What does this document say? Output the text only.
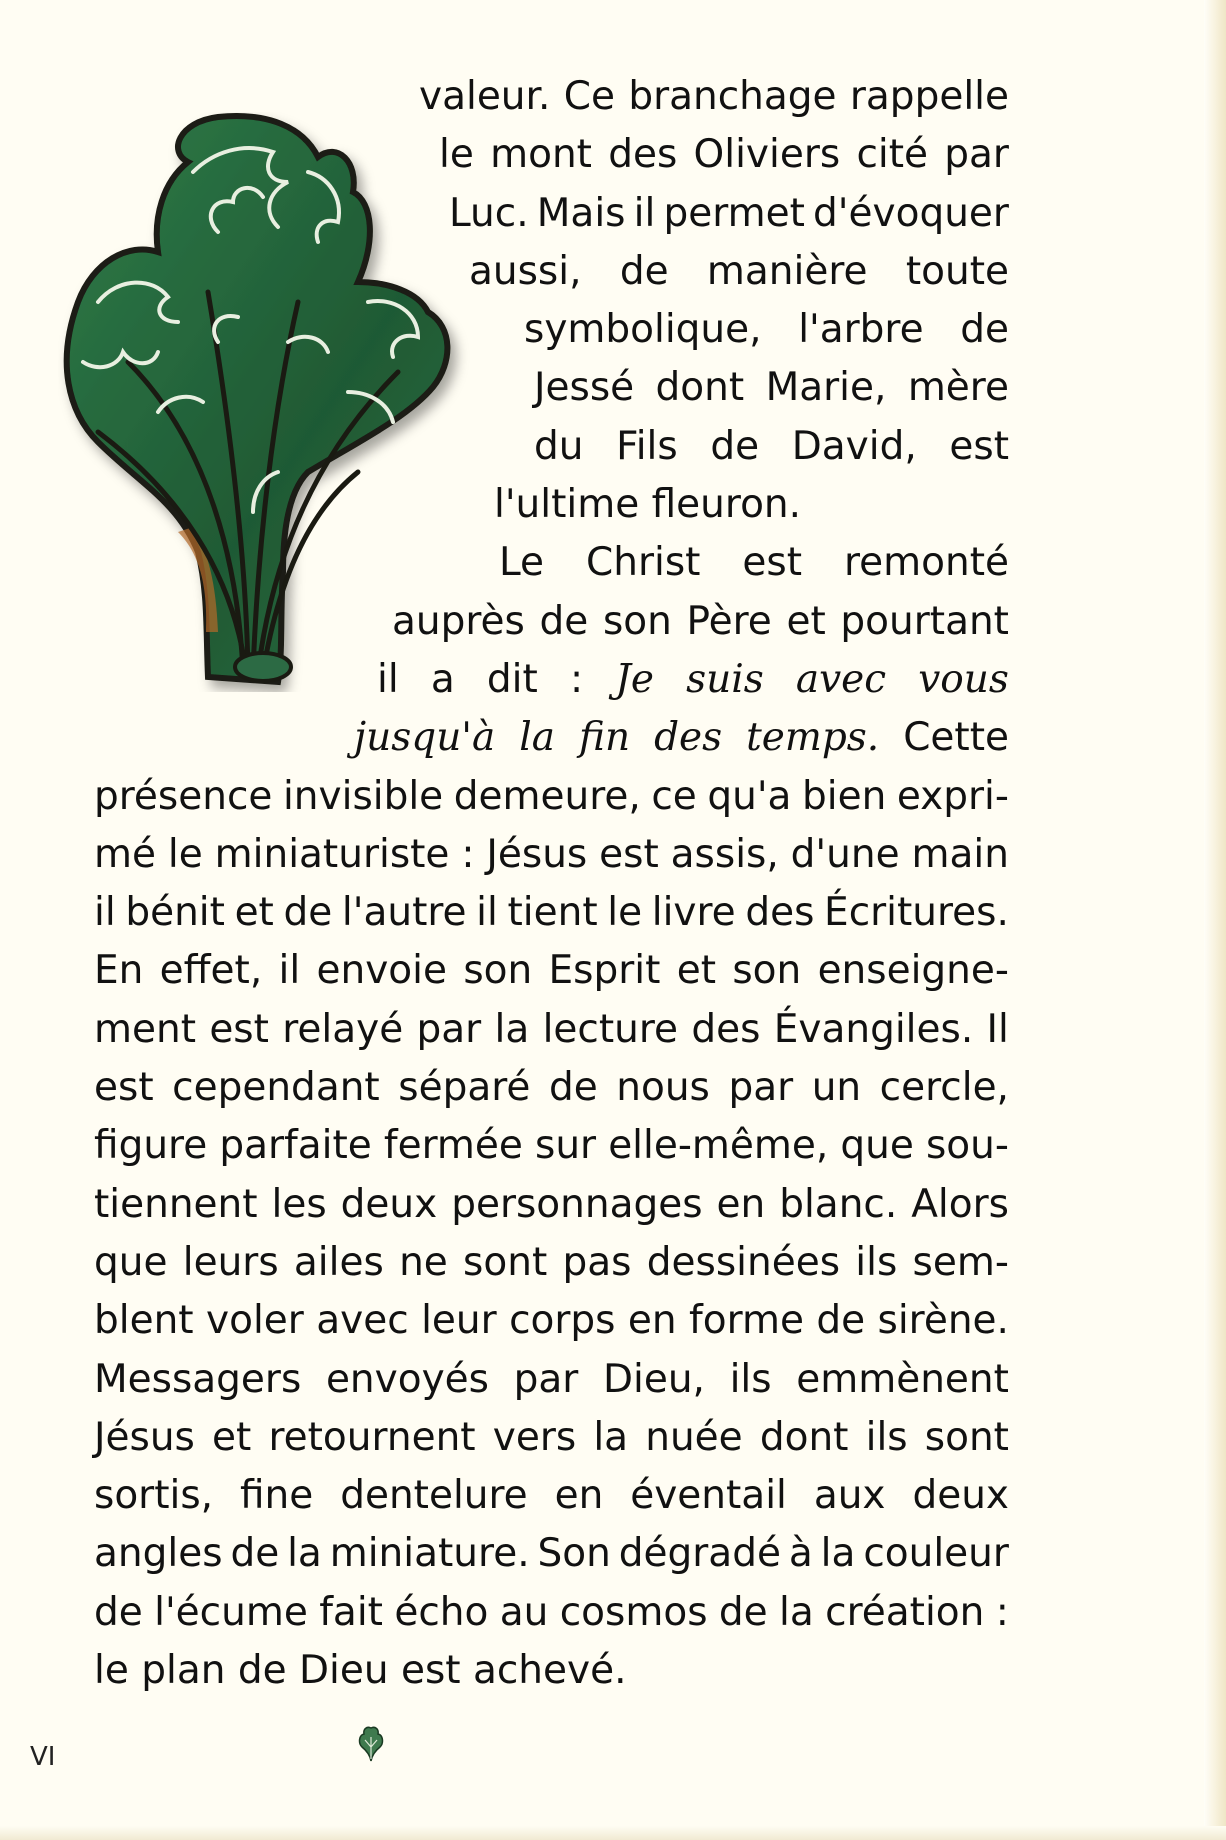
valeur. Ce branchage rappelle
le mont des Oliviers cité par
Luc. Mais il permet d'évoquer
aussi, de manière toute
symbolique, l'arbre de
Jessé dont Marie, mère
du Fils de David, est
l'ultime fleuron.
Le Christ est remonté
auprès de son Père et pourtant
il a dit : Je suis avec vous
jusqu'à la fin des temps. Cette
présence invisible demeure, ce qu'a bien expri-
mé le miniaturiste : Jésus est assis, d'une main
il bénit et de l'autre il tient le livre des Écritures.
En effet, il envoie son Esprit et son enseigne-
ment est relayé par la lecture des Évangiles. Il
est cependant séparé de nous par un cercle,
figure parfaite fermée sur elle-même, que sou-
tiennent les deux personnages en blanc. Alors
que leurs ailes ne sont pas dessinées ils sem-
blent voler avec leur corps en forme de sirène.
Messagers envoyés par Dieu, ils emmènent
Jésus et retournent vers la nuée dont ils sont
sortis, fine dentelure en éventail aux deux
angles de la miniature. Son dégradé à la couleur
de l'écume fait écho au cosmos de la création :
le plan de Dieu est achevé.
VI
